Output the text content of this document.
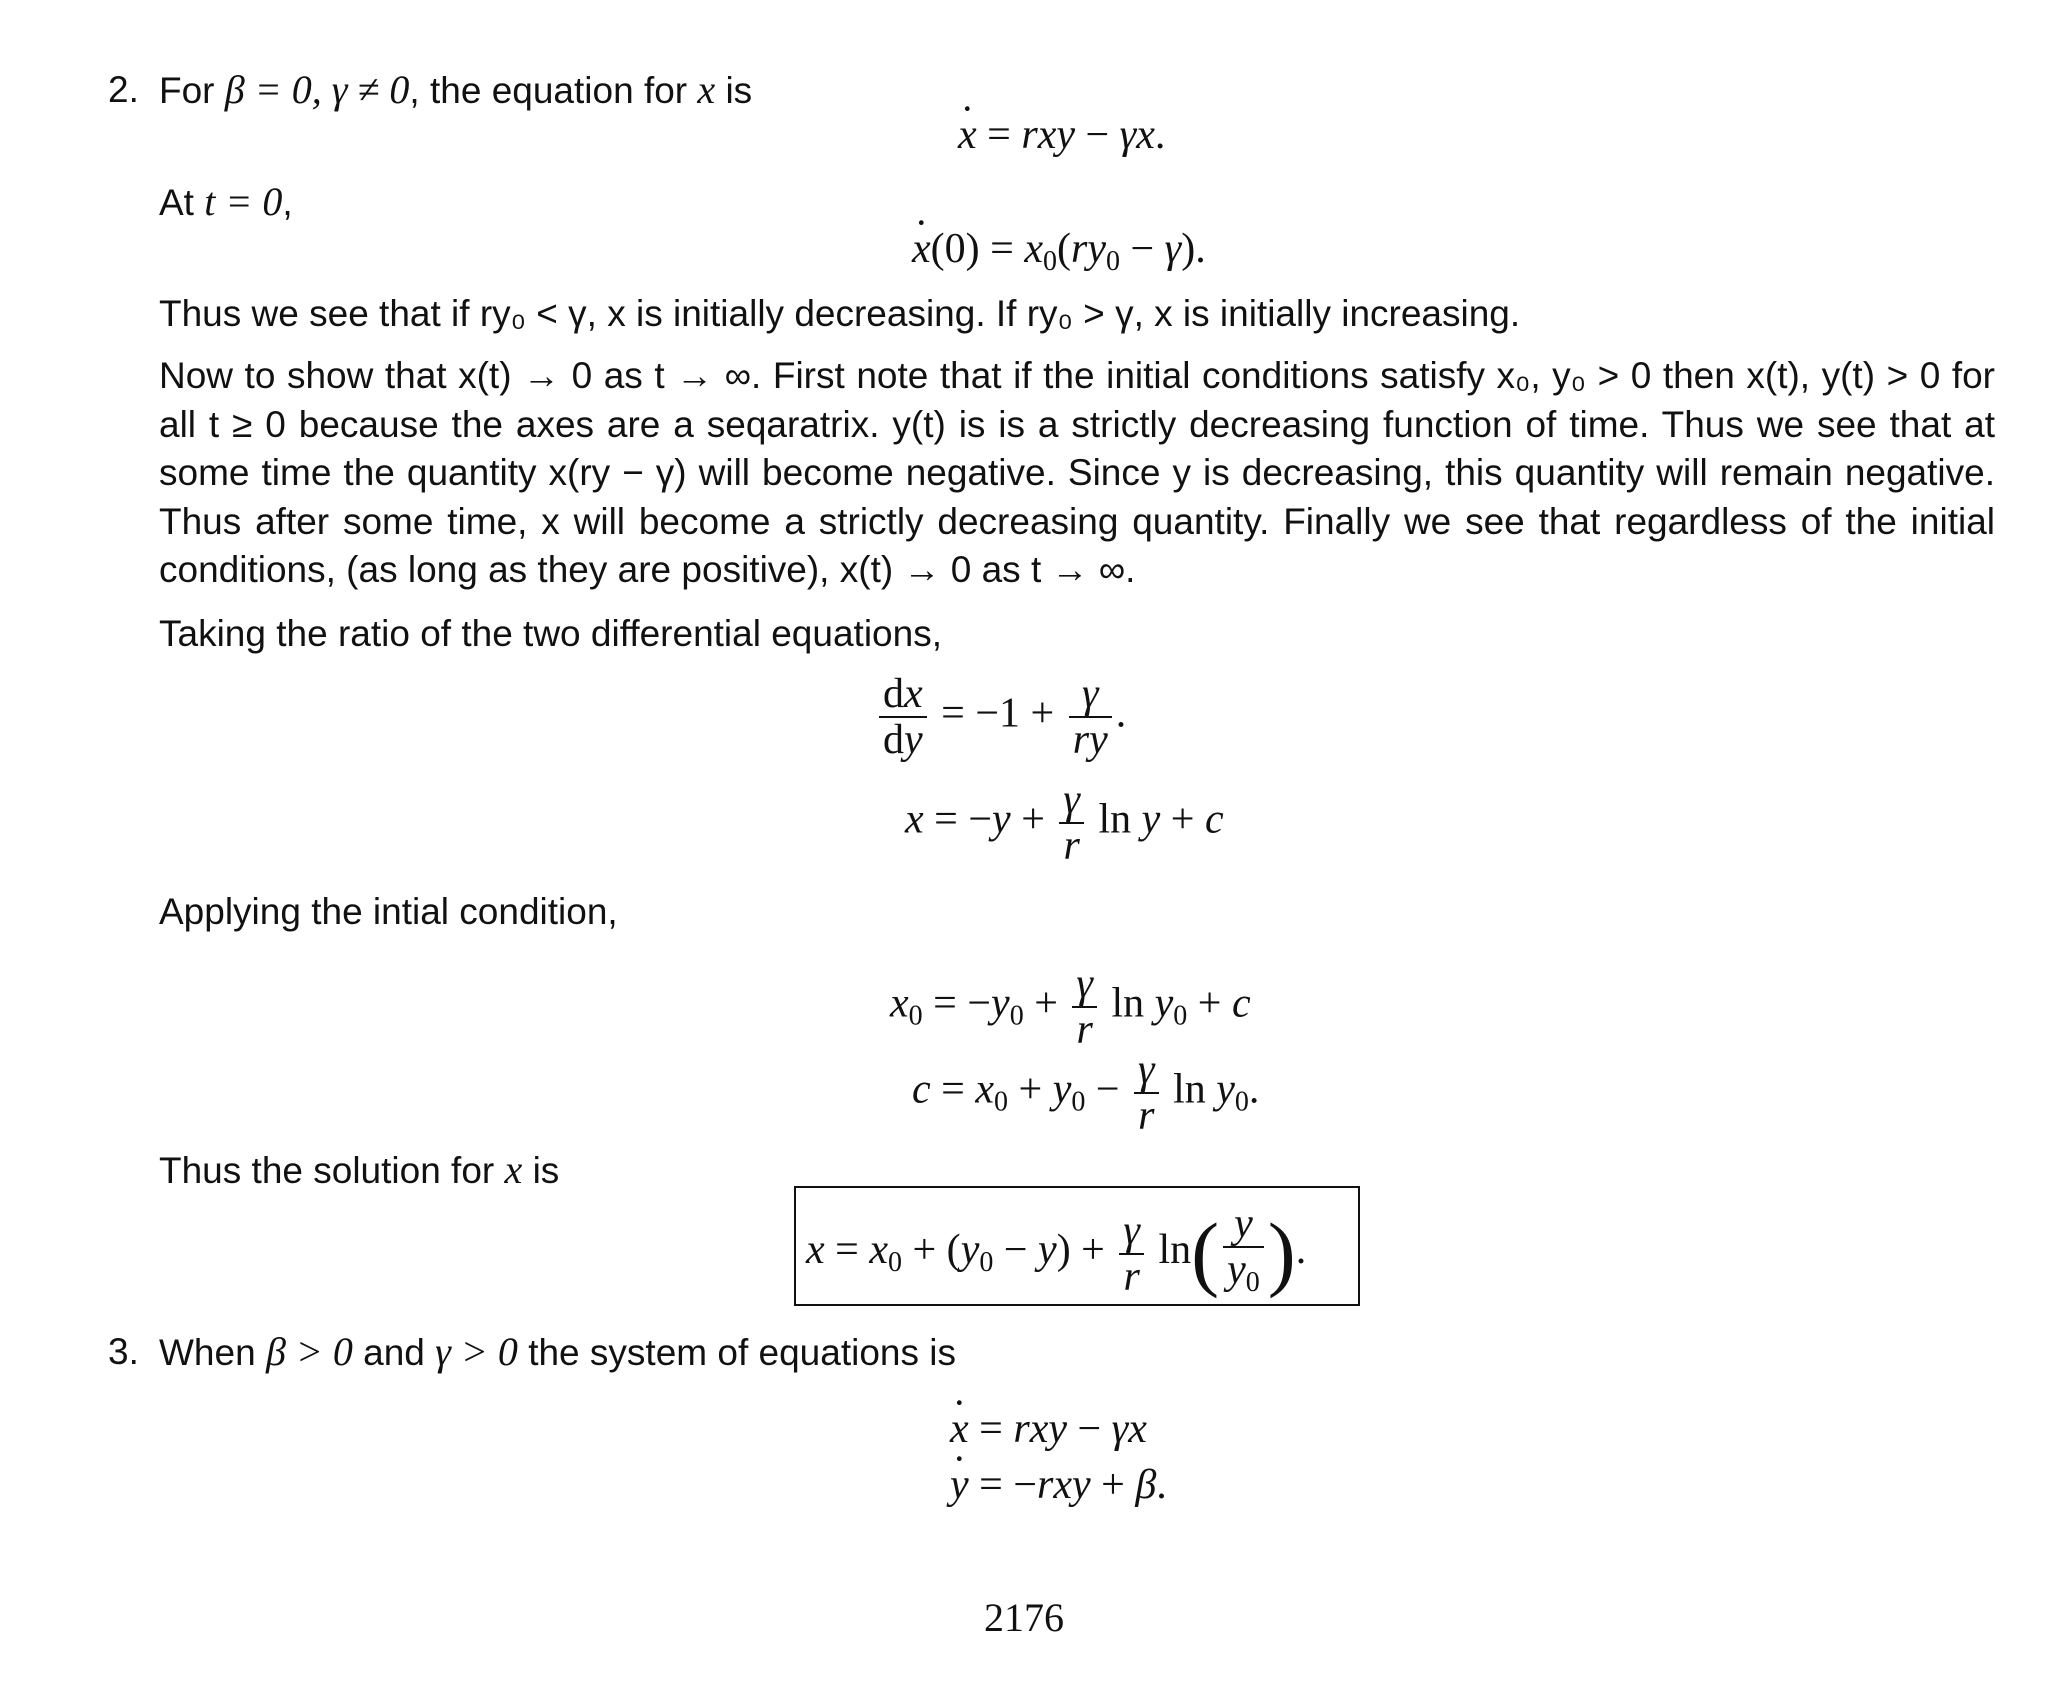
2. For β = 0, γ ≠ 0, the equation for x is
· x = rxy − γx.
At t = 0,
· $x(0) = x_0(ry_0 - \gamma)$.
Thus we see that if ry₀ < γ, x is initially decreasing. If ry₀ > γ, x is initially increasing.
Now to show that x(t) → 0 as t → ∞. First note that if the initial conditions satisfy x₀, y₀ > 0 then x(t), y(t) > 0 for all t ≥ 0 because the axes are a seqaratrix. y(t) is is a strictly decreasing function of time. Thus we see that at some time the quantity x(ry − γ) will become negative. Since y is decreasing, this quantity will remain negative. Thus after some time, x will become a strictly decreasing quantity. Finally we see that regardless of the initial conditions, (as long as they are positive), x(t) → 0 as t → ∞.
Taking the ratio of the two differential equations,
$\frac{dx}{dy} = -1 + \frac{\gamma}{ry}$ .
$x = -y + \frac{\gamma}{r}$ ln y + c
Applying the intial condition,
$x_0 = -y_0 + \frac{\gamma}{r}$ $\ln y_0 + c$
$c = x_0 + y_0 - \frac{\gamma}{r}$ $\ln y_0$.
Thus the solution for x is
$x = x_0 + (y_0 - y) + \frac{\gamma}{r} \ln( \frac{y}{y_0}$ ).
3. When β > 0 and γ > 0 the system of equations is
· x = rxy − γx
· y = −rxy + β.
2176
